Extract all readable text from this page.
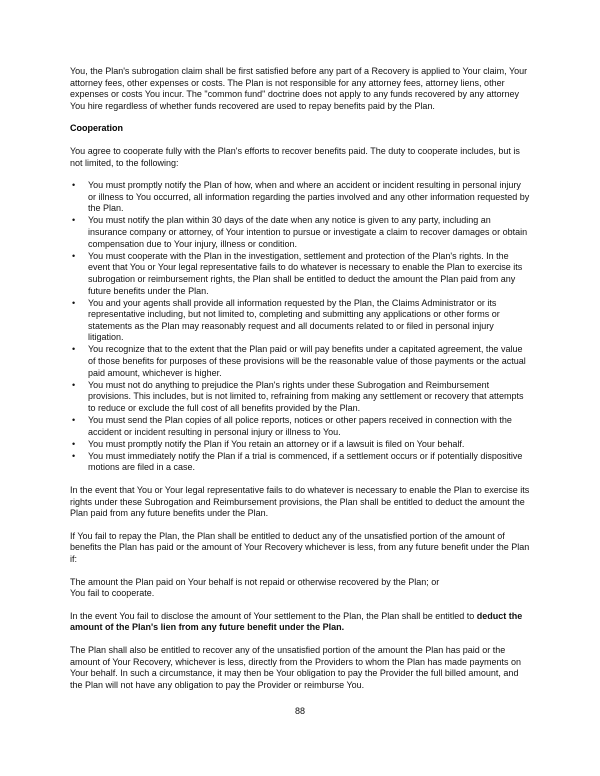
You, the Plan's subrogation claim shall be first satisfied before any part of a Recovery is applied to Your claim, Your attorney fees, other expenses or costs. The Plan is not responsible for any attorney fees, attorney liens, other expenses or costs You incur. The "common fund" doctrine does not apply to any funds recovered by any attorney You hire regardless of whether funds recovered are used to repay benefits paid by the Plan.

Cooperation

You agree to cooperate fully with the Plan's efforts to recover benefits paid. The duty to cooperate includes, but is not limited, to the following:

• You must promptly notify the Plan of how, when and where an accident or incident resulting in personal injury or illness to You occurred, all information regarding the parties involved and any other information requested by the Plan.
• You must notify the plan within 30 days of the date when any notice is given to any party, including an insurance company or attorney, of Your intention to pursue or investigate a claim to recover damages or obtain compensation due to Your injury, illness or condition.
• You must cooperate with the Plan in the investigation, settlement and protection of the Plan's rights. In the event that You or Your legal representative fails to do whatever is necessary to enable the Plan to exercise its subrogation or reimbursement rights, the Plan shall be entitled to deduct the amount the Plan paid from any future benefits under the Plan.
• You and your agents shall provide all information requested by the Plan, the Claims Administrator or its representative including, but not limited to, completing and submitting any applications or other forms or statements as the Plan may reasonably request and all documents related to or filed in personal injury litigation.
• You recognize that to the extent that the Plan paid or will pay benefits under a capitated agreement, the value of those benefits for purposes of these provisions will be the reasonable value of those payments or the actual paid amount, whichever is higher.
• You must not do anything to prejudice the Plan's rights under these Subrogation and Reimbursement provisions. This includes, but is not limited to, refraining from making any settlement or recovery that attempts to reduce or exclude the full cost of all benefits provided by the Plan.
• You must send the Plan copies of all police reports, notices or other papers received in connection with the accident or incident resulting in personal injury or illness to You.
• You must promptly notify the Plan if You retain an attorney or if a lawsuit is filed on Your behalf.
• You must immediately notify the Plan if a trial is commenced, if a settlement occurs or if potentially dispositive motions are filed in a case.

In the event that You or Your legal representative fails to do whatever is necessary to enable the Plan to exercise its rights under these Subrogation and Reimbursement provisions, the Plan shall be entitled to deduct the amount the Plan paid from any future benefits under the Plan.

If You fail to repay the Plan, the Plan shall be entitled to deduct any of the unsatisfied portion of the amount of benefits the Plan has paid or the amount of Your Recovery whichever is less, from any future benefit under the Plan if:

The amount the Plan paid on Your behalf is not repaid or otherwise recovered by the Plan; or

You fail to cooperate.

In the event You fail to disclose the amount of Your settlement to the Plan, the Plan shall be entitled to deduct the amount of the Plan's lien from any future benefit under the Plan.

The Plan shall also be entitled to recover any of the unsatisfied portion of the amount the Plan has paid or the amount of Your Recovery, whichever is less, directly from the Providers to whom the Plan has made payments on Your behalf. In such a circumstance, it may then be Your obligation to pay the Provider the full billed amount, and the Plan will not have any obligation to pay the Provider or reimburse You.

88
